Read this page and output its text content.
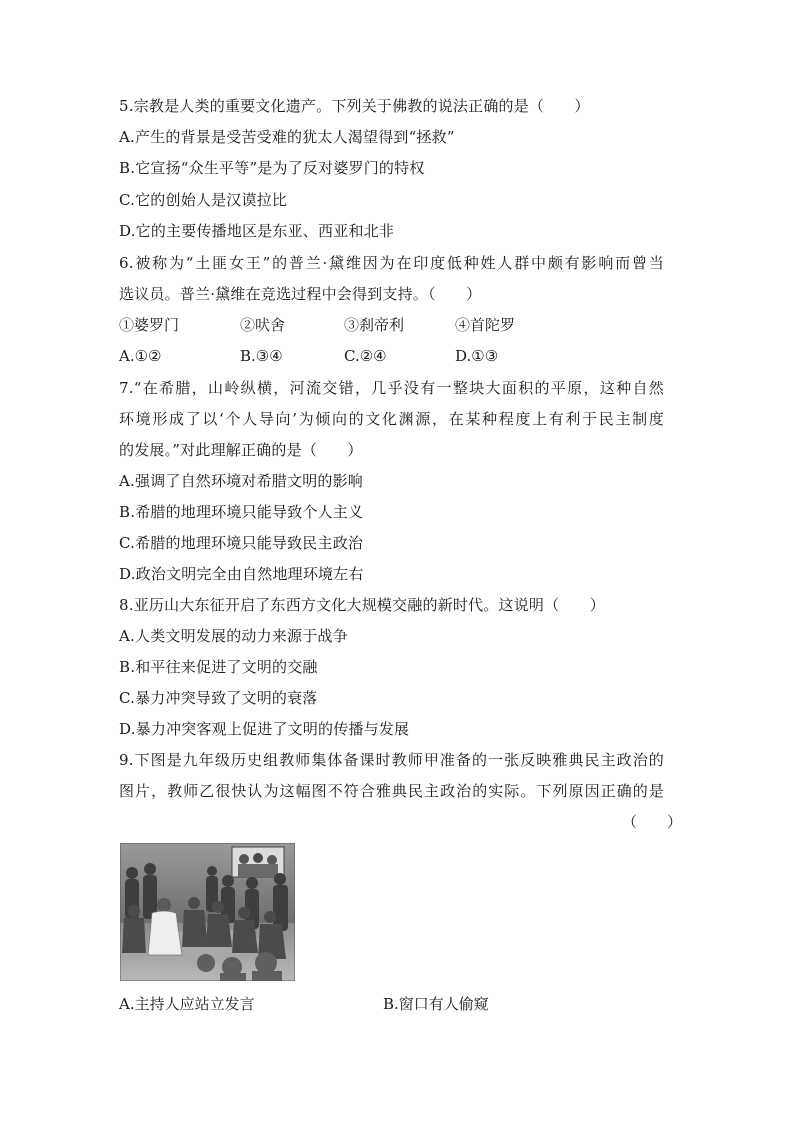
5.宗教是人类的重要文化遗产。下列关于佛教的说法正确的是（　　）
A.产生的背景是受苦受难的犹太人渴望得到“拯救”
B.它宣扬“众生平等”是为了反对婆罗门的特权
C.它的创始人是汉谟拉比
D.它的主要传播地区是东亚、西亚和北非
6.被称为“土匪女王”的普兰·黛维因为在印度低种姓人群中颇有影响而曾当
选议员。普兰·黛维在竞选过程中会得到支持。（　　）
①婆罗门	②吠舍	③刹帝利	④首陀罗
A.①②	B.③④	C.②④	D.①③
7.“在希腊，山岭纵横，河流交错，几乎没有一整块大面积的平原，这种自然
环境形成了以‘个人导向’为倾向的文化渊源，在某种程度上有利于民主制度
的发展。”对此理解正确的是（　　）
A.强调了自然环境对希腊文明的影响
B.希腊的地理环境只能导致个人主义
C.希腊的地理环境只能导致民主政治
D.政治文明完全由自然地理环境左右
8.亚历山大东征开启了东西方文化大规模交融的新时代。这说明（　　）
A.人类文明发展的动力来源于战争
B.和平往来促进了文明的交融
C.暴力冲突导致了文明的衰落
D.暴力冲突客观上促进了文明的传播与发展
9.下图是九年级历史组教师集体备课时教师甲准备的一张反映雅典民主政治的
图片，教师乙很快认为这幅图不符合雅典民主政治的实际。下列原因正确的是
（　　）
A.主持人应站立发言	B.窗口有人偷窥
